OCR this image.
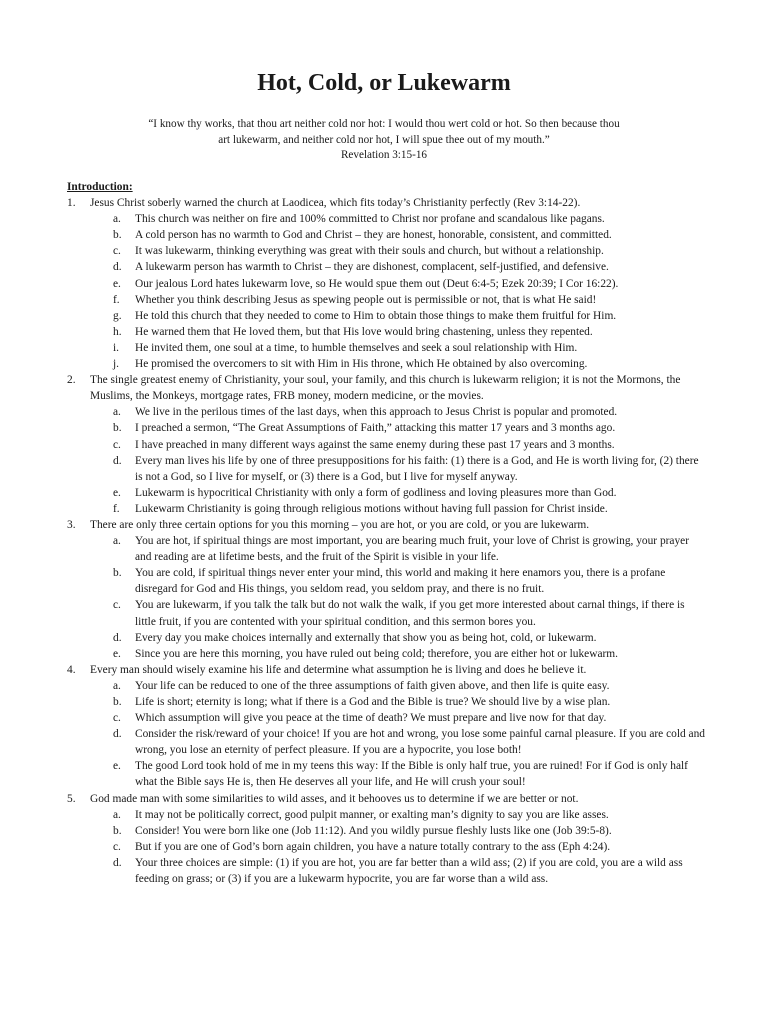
Hot, Cold, or Lukewarm

“I know thy works, that thou art neither cold nor hot: I would thou wert cold or hot. So then because thou

art lukewarm, and neither cold nor hot, I will spue thee out of my mouth.”

Revelation 3:15-16

Introduction:

1. Jesus Christ soberly warned the church at Laodicea, which fits today’s Christianity perfectly (Rev 3:14-22).
a. This church was neither on fire and 100% committed to Christ nor profane and scandalous like pagans.
b. A cold person has no warmth to God and Christ – they are honest, honorable, consistent, and committed.
c. It was lukewarm, thinking everything was great with their souls and church, but without a relationship.
d. A lukewarm person has warmth to Christ – they are dishonest, complacent, self-justified, and defensive.
e. Our jealous Lord hates lukewarm love, so He would spue them out (Deut 6:4-5; Ezek 20:39; I Cor 16:22).
f. Whether you think describing Jesus as spewing people out is permissible or not, that is what He said!
g. He told this church that they needed to come to Him to obtain those things to make them fruitful for Him.
h. He warned them that He loved them, but that His love would bring chastening, unless they repented.
i. He invited them, one soul at a time, to humble themselves and seek a soul relationship with Him.
j. He promised the overcomers to sit with Him in His throne, which He obtained by also overcoming.
2. The single greatest enemy of Christianity, your soul, your family, and this church is lukewarm religion; it is not the Mormons, the Muslims, the Monkeys, mortgage rates, FRB money, modern medicine, or the movies.
a. We live in the perilous times of the last days, when this approach to Jesus Christ is popular and promoted.
b. I preached a sermon, “The Great Assumptions of Faith,” attacking this matter 17 years and 3 months ago.
c. I have preached in many different ways against the same enemy during these past 17 years and 3 months.
d. Every man lives his life by one of three presuppositions for his faith: (1) there is a God, and He is worth living for, (2) there is not a God, so I live for myself, or (3) there is a God, but I live for myself anyway.
e. Lukewarm is hypocritical Christianity with only a form of godliness and loving pleasures more than God.
f. Lukewarm Christianity is going through religious motions without having full passion for Christ inside.
3. There are only three certain options for you this morning – you are hot, or you are cold, or you are lukewarm.
a. You are hot, if spiritual things are most important, you are bearing much fruit, your love of Christ is growing, your prayer and reading are at lifetime bests, and the fruit of the Spirit is visible in your life.
b. You are cold, if spiritual things never enter your mind, this world and making it here enamors you, there is a profane disregard for God and His things, you seldom read, you seldom pray, and there is no fruit.
c. You are lukewarm, if you talk the talk but do not walk the walk, if you get more interested about carnal things, if there is little fruit, if you are contented with your spiritual condition, and this sermon bores you.
d. Every day you make choices internally and externally that show you as being hot, cold, or lukewarm.
e. Since you are here this morning, you have ruled out being cold; therefore, you are either hot or lukewarm.
4. Every man should wisely examine his life and determine what assumption he is living and does he believe it.
a. Your life can be reduced to one of the three assumptions of faith given above, and then life is quite easy.
b. Life is short; eternity is long; what if there is a God and the Bible is true? We should live by a wise plan.
c. Which assumption will give you peace at the time of death? We must prepare and live now for that day.
d. Consider the risk/reward of your choice! If you are hot and wrong, you lose some painful carnal pleasure. If you are cold and wrong, you lose an eternity of perfect pleasure. If you are a hypocrite, you lose both!
e. The good Lord took hold of me in my teens this way: If the Bible is only half true, you are ruined! For if God is only half what the Bible says He is, then He deserves all your life, and He will crush your soul!
5. God made man with some similarities to wild asses, and it behooves us to determine if we are better or not.
a. It may not be politically correct, good pulpit manner, or exalting man’s dignity to say you are like asses.
b. Consider! You were born like one (Job 11:12). And you wildly pursue fleshly lusts like one (Job 39:5-8).
c. But if you are one of God’s born again children, you have a nature totally contrary to the ass (Eph 4:24).
d. Your three choices are simple: (1) if you are hot, you are far better than a wild ass; (2) if you are cold, you are a wild ass feeding on grass; or (3) if you are a lukewarm hypocrite, you are far worse than a wild ass.
